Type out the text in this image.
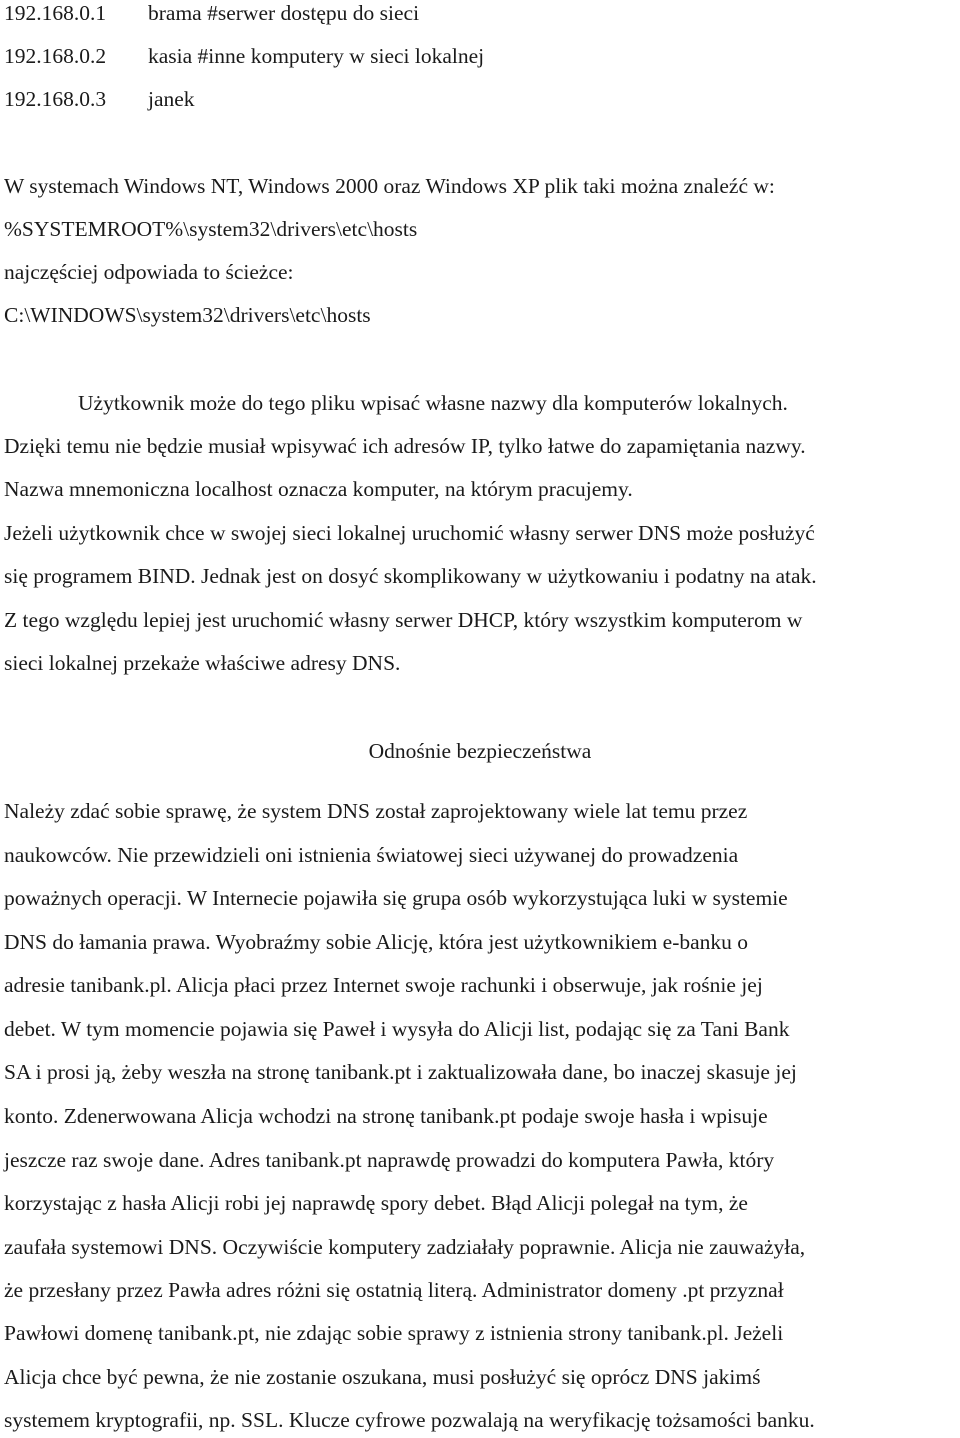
192.168.0.1 brama #serwer dostępu do sieci
192.168.0.2 kasia #inne komputery w sieci lokalnej
192.168.0.3 janek
W systemach Windows NT, Windows 2000 oraz Windows XP plik taki można znaleźć w:
%SYSTEMROOT%\system32\drivers\etc\hosts
najczęściej odpowiada to ścieżce:
C:\WINDOWS\system32\drivers\etc\hosts
Użytkownik może do tego pliku wpisać własne nazwy dla komputerów lokalnych.
Dzięki temu nie będzie musiał wpisywać ich adresów IP, tylko łatwe do zapamiętania nazwy.
Nazwa mnemoniczna localhost oznacza komputer, na którym pracujemy.
Jeżeli użytkownik chce w swojej sieci lokalnej uruchomić własny serwer DNS może posłużyć
się programem BIND. Jednak jest on dosyć skomplikowany w użytkowaniu i podatny na atak.
Z tego względu lepiej jest uruchomić własny serwer DHCP, który wszystkim komputerom w
sieci lokalnej przekaże właściwe adresy DNS.
Odnośnie bezpieczeństwa
Należy zdać sobie sprawę, że system DNS został zaprojektowany wiele lat temu przez
naukowców. Nie przewidzieli oni istnienia światowej sieci używanej do prowadzenia
poważnych operacji. W Internecie pojawiła się grupa osób wykorzystująca luki w systemie
DNS do łamania prawa. Wyobraźmy sobie Alicję, która jest użytkownikiem e-banku o
adresie tanibank.pl. Alicja płaci przez Internet swoje rachunki i obserwuje, jak rośnie jej
debet. W tym momencie pojawia się Paweł i wysyła do Alicji list, podając się za Tani Bank
SA i prosi ją, żeby weszła na stronę tanibank.pt i zaktualizowała dane, bo inaczej skasuje jej
konto. Zdenerwowana Alicja wchodzi na stronę tanibank.pt podaje swoje hasła i wpisuje
jeszcze raz swoje dane. Adres tanibank.pt naprawdę prowadzi do komputera Pawła, który
korzystając z hasła Alicji robi jej naprawdę spory debet. Błąd Alicji polegał na tym, że
zaufała systemowi DNS. Oczywiście komputery zadziałały poprawnie. Alicja nie zauważyła,
że przesłany przez Pawła adres różni się ostatnią literą. Administrator domeny .pt przyznał
Pawłowi domenę tanibank.pt, nie zdając sobie sprawy z istnienia strony tanibank.pl. Jeżeli
Alicja chce być pewna, że nie zostanie oszukana, musi posłużyć się oprócz DNS jakimś
systemem kryptografii, np. SSL. Klucze cyfrowe pozwalają na weryfikację tożsamości banku.
